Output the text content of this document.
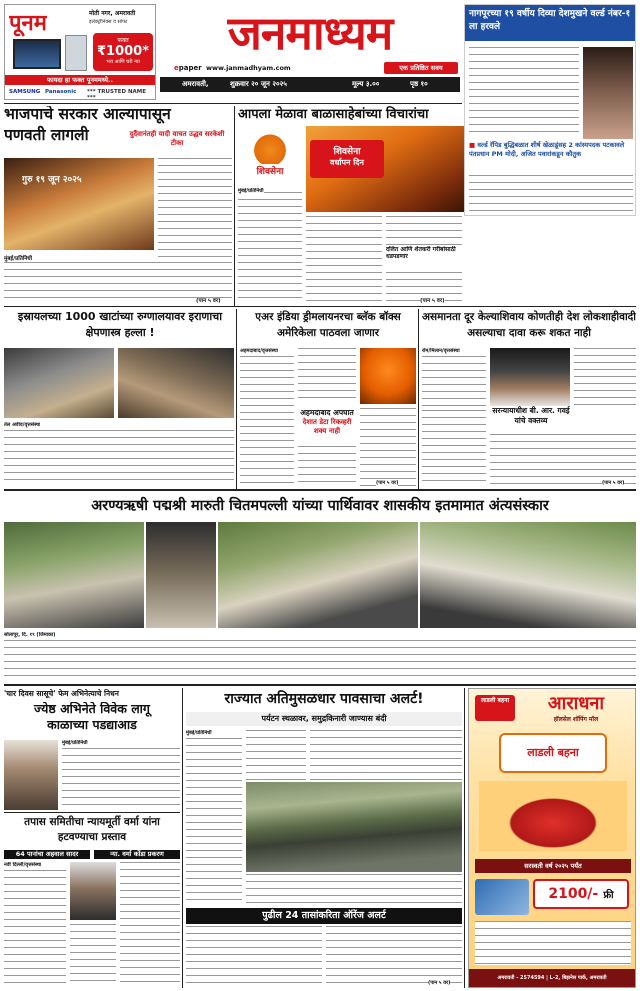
पूनम	मोती नगर, अमरावती
इलेक्ट्रॉनिक्स व सोफा
फक्त
₹1000*
भरा आणि घरी न्या
फायदा हा फक्त पूनममध्ये..
SAMSUNG Panasonic *** TRUSTED NAME ***
जनमाध्यम
epaper www.janmadhyam.com	एक प्रतिष्ठित सवय
अमरावती,	शुक्रवार २० जून २०२५	मूल्य ३.००	पृष्ठ १०
नागपूरच्या १९ वर्षीय दिव्या देशमुखने वर्ल्ड नंबर-१ ला हरवले
■ वर्ल्ड रॅपिड बुद्धिबळात शीर्ष खेळाडूंसह 2 कांस्यपदक पटकावले पंतप्रधान PM मोदी, अजित पवारांकडून कौतुक
भाजपाचे सरकार आल्यापासून
पणवती लागली	दुर्दैवानंतही यादी वाचत उद्धव सरकेशी टीका
गुरु १९ जून २०२५
मुंबई/प्रतिनिधी
(पान ५ वर)
आपला मेळावा बाळासाहेबांच्या विचारांचा
शिवसेना
शिवसेना
वर्धापन दिन
मुंबई/प्रतिनिधी
दलित आणि शेतकरी गरीबांसाठी धडपडणार
(पान ५ वर)
इस्रायलच्या 1000 खाटांच्या रुग्णालयावर इराणाचा क्षेपणास्त्र हल्ला !
तेल अवीव/वृत्तसंस्था
एअर इंडिया ड्रीमलायनरचा ब्लॅक बॉक्स अमेरिकेला पाठवला जाणार
अहमदाबाद/वृत्तसंस्था
अहमदाबाद अपघात
देशात डेटा रिकव्हरी शक्य नाही
(पान ५ वर)
असमानता दूर केल्याशिवाय कोणतीही देश लोकशाहीवादी असल्याचा दावा करू शकत नाही
रोम/मिलान/वृत्तसंस्था
सरन्यायाधीश बी. आर. गवई यांचे वक्तव्य
(पान ५ वर)
अरण्यऋषी पद्मश्री मारुती चितमपल्ली यांच्या पार्थिवावर शासकीय इतमामात अंत्यसंस्कार
सोलापूर, दि. १९ (जिमाका)
'चार दिवस सासूचे' फेम अभिनेत्याचे निधन
ज्येष्ठ अभिनेते विवेक लागू
काळाच्या पडद्याआड
मुंबई/प्रतिनिधी
तपास समितीचा न्यायमूर्ती वर्मा यांना हटवण्याचा प्रस्ताव
64 पानांचा अहवाल सादर	न्या. वर्मा कोंडा प्रकरण
नवी दिल्ली/वृत्तसंस्था
राज्यात अतिमुसळधार पावसाचा अलर्ट!
पर्यटन स्थळावर, समुद्रकिनारी जाण्यास बंदी
मुंबई/प्रतिनिधी
पुढील 24 तासांकरिता ऑरेंज अलर्ट
(पान ५ वर)
लाडली बहना	आराधना
हॉलसेल शॉपिंग मॉल
लाडली बहना
सरस्वती वर्ष २०२५ पर्यंत
2100/- फ्री
अमरावती - 2574594 | L-2, बिझनेस पार्क, अमरावती
